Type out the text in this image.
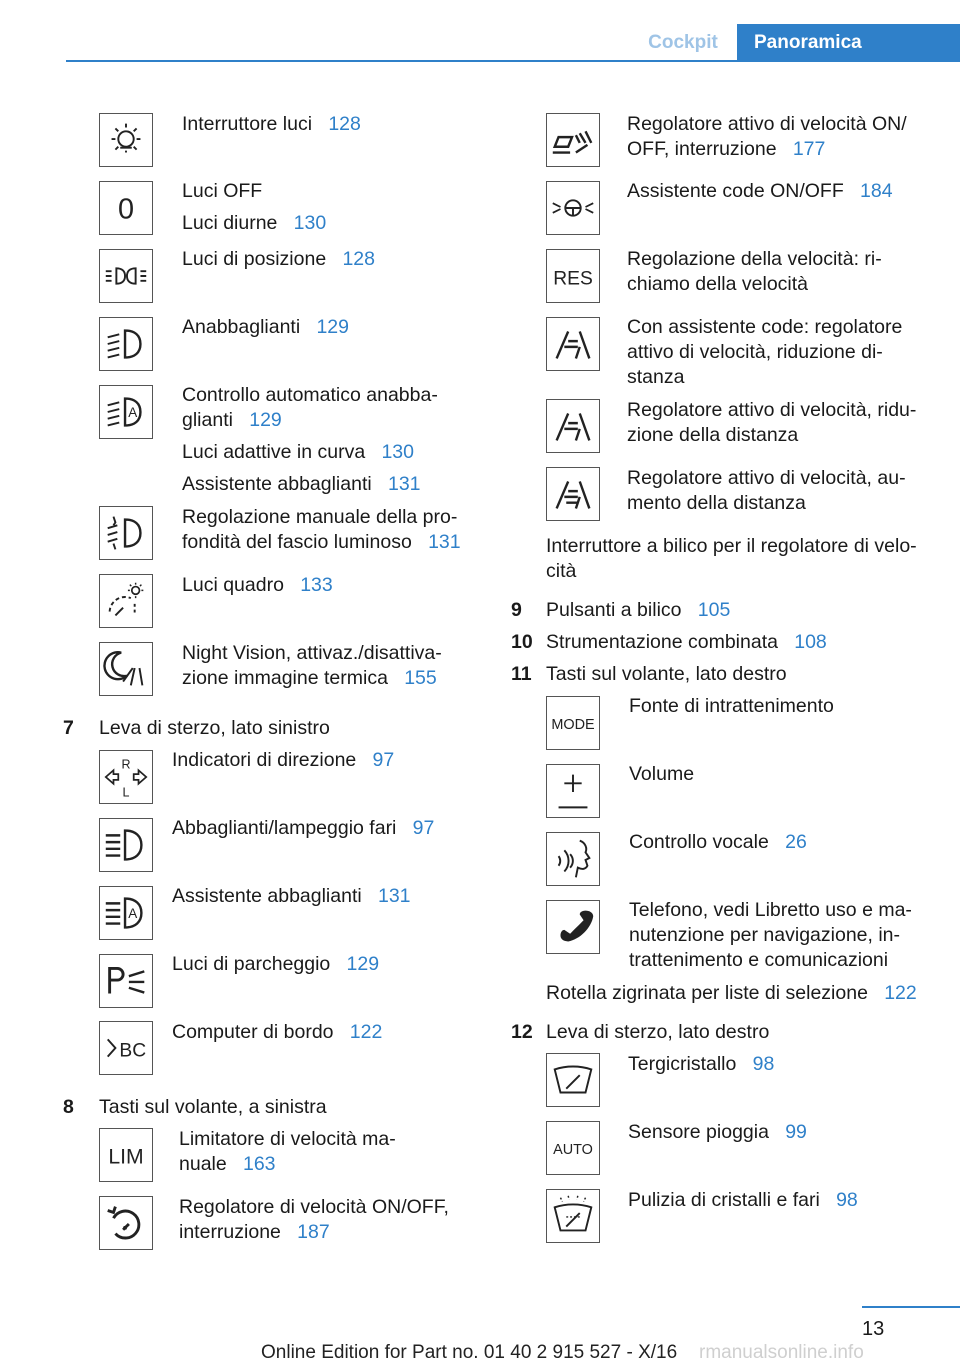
Cockpit	Panoramica
Interruttore luci 128
0
Luci OFF
Luci diurne 130
Luci di posizione 128
Anabbaglianti 129
A
Controllo automatico anabba-
glianti 129
Luci adattive in curva 130
Assistente abbaglianti 131
Regolazione manuale della pro-
fondità del fascio luminoso 131
Luci quadro 133
Night Vision, attivaz./disattiva-
zione immagine termica 155
7 Leva di sterzo, lato sinistro
R
L
Indicatori di direzione 97
Abbaglianti/lampeggio fari 97
A
Assistente abbaglianti 131
Luci di parcheggio 129
BC
Computer di bordo 122
8 Tasti sul volante, a sinistra
LIM
Limitatore di velocità ma-
nuale 163
Regolatore di velocità ON/OFF,
interruzione 187
Regolatore attivo di velocità ON/
OFF, interruzione 177
Assistente code ON/OFF 184
RES
Regolazione della velocità: ri-
chiamo della velocità
Con assistente code: regolatore
attivo di velocità, riduzione di-
stanza
Regolatore attivo di velocità, ridu-
zione della distanza
Regolatore attivo di velocità, au-
mento della distanza
Interruttore a bilico per il regolatore di velo-
cità
9 Pulsanti a bilico 105
10 Strumentazione combinata 108
11 Tasti sul volante, lato destro
MODE
Fonte di intrattenimento
Volume
Controllo vocale 26
Telefono, vedi Libretto uso e ma-
nutenzione per navigazione, in-
trattenimento e comunicazioni
Rotella zigrinata per liste di selezione 122
12 Leva di sterzo, lato destro
Tergicristallo 98
AUTO
Sensore pioggia 99
Pulizia di cristalli e fari 98
13
Online Edition for Part no. 01 40 2 915 527 - X/16 rmanualsonline.info
